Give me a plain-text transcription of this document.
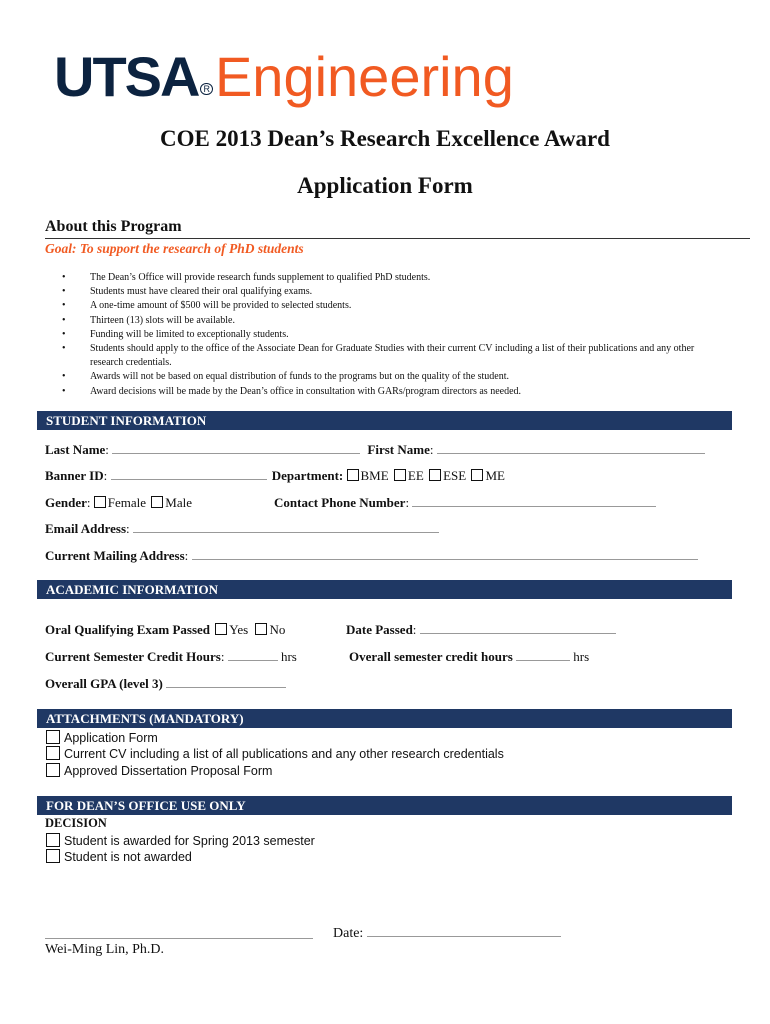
UTSA $^R$Engineering
COE 2013 Dean’s Research Excellence Award
Application Form
About this Program
Goal: To support the research of PhD students
• The Dean’s Office will provide research funds supplement to qualified PhD students.
• Students must have cleared their oral qualifying exams.
• A one-time amount of $500 will be provided to selected students.
• Thirteen (13) slots will be available.
• Funding will be limited to exceptionally students.
• Students should apply to the office of the Associate Dean for Graduate Studies with their current CV including a list of their publications and any other research credentials.
• Awards will not be based on equal distribution of funds to the programs but on the quality of the student.
• Award decisions will be made by the Dean’s office in consultation with GARs/program directors as needed.
STUDENT INFORMATION
Last Name:	First Name:
Banner ID:	Department: BME EE ESE ME
Gender: Female Male	Contact Phone Number:
Email Address:
Current Mailing Address:
ACADEMIC INFORMATION
Oral Qualifying Exam Passed Yes No	Date Passed:
Current Semester Credit Hours:	hrs	Overall semester credit hours	hrs
Overall GPA (level 3)
ATTACHMENTS (MANDATORY)
Application Form
Current CV including a list of all publications and any other research credentials
Approved Dissertation Proposal Form
FOR DEAN’S OFFICE USE ONLY
DECISION
Student is awarded for Spring 2013 semester
Student is not awarded
Date:
Wei-Ming Lin, Ph.D.
